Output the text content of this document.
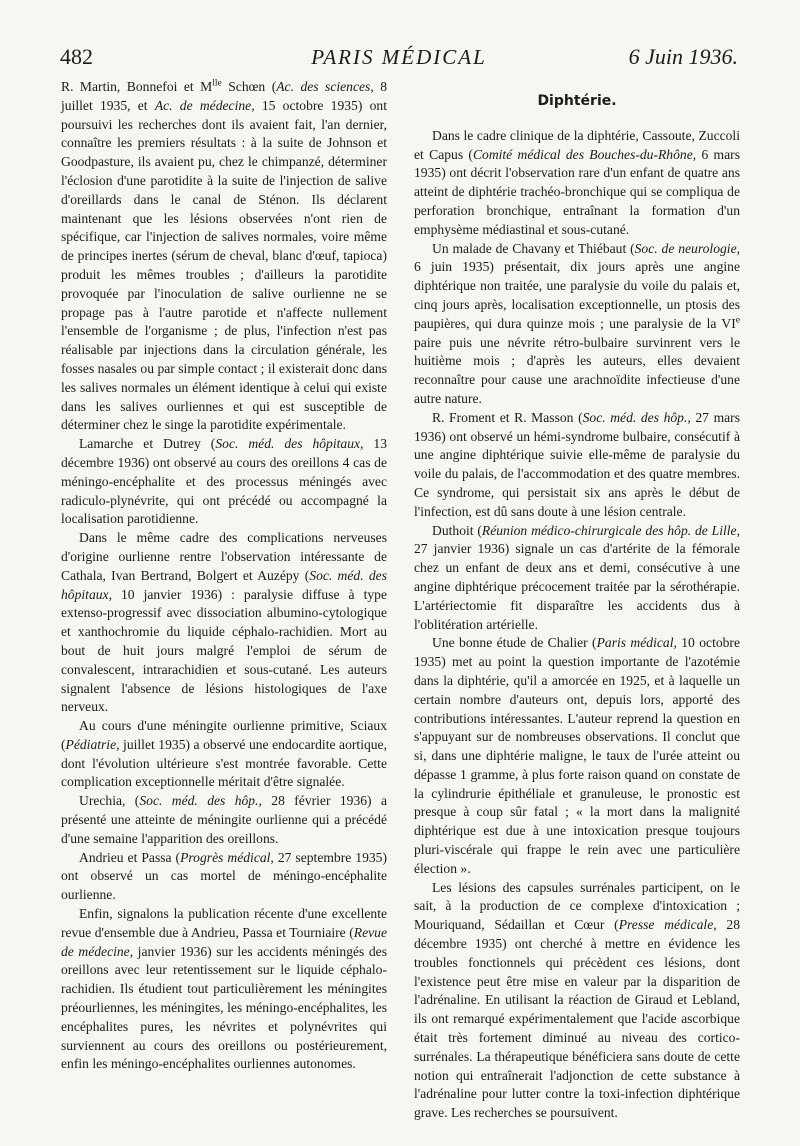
482	PARIS MÉDICAL	6 Juin 1936.

R. Martin, Bonnefoi et $M^{lle}$ Schœn (Ac. des sciences, 8 juillet 1935, et Ac. de médecine, 15 octobre 1935) ont poursuivi les recherches dont ils avaient fait, l'an dernier, connaître les premiers résultats : à la suite de Johnson et Goodpasture, ils avaient pu, chez le chimpanzé, déterminer l'éclosion d'une parotidite à la suite de l'injection de salive d'oreillards dans le canal de Sténon. Ils déclarent maintenant que les lésions observées n'ont rien de spécifique, car l'injection de salives normales, voire même de principes inertes (sérum de cheval, blanc d'œuf, tapioca) produit les mêmes troubles ; d'ailleurs la parotidite provoquée par l'inoculation de salive ourlienne ne se propage pas à l'autre parotide et n'affecte nullement l'ensemble de l'organisme ; de plus, l'infection n'est pas réalisable par injections dans la circulation générale, les fosses nasales ou par simple contact ; il existerait donc dans les salives normales un élément identique à celui qui existe dans les salives ourliennes et qui est susceptible de déterminer chez le singe la parotidite expérimentale.

Lamarche et Dutrey (Soc. méd. des hôpitaux, 13 décembre 1936) ont observé au cours des oreillons 4 cas de méningo-encéphalite et des processus méningés avec radiculo-plynévrite, qui ont précédé ou accompagné la localisation parotidienne.

Dans le même cadre des complications nerveuses d'origine ourlienne rentre l'observation intéressante de Cathala, Ivan Bertrand, Bolgert et Auzépy (Soc. méd. des hôpitaux, 10 janvier 1936) : paralysie diffuse à type extenso-progressif avec dissociation albumino-cytologique et xanthochromie du liquide céphalo-rachidien. Mort au bout de huit jours malgré l'emploi de sérum de convalescent, intrarachidien et sous-cutané. Les auteurs signalent l'absence de lésions histologiques de l'axe nerveux.

Au cours d'une méningite ourlienne primitive, Sciaux (Pédiatrie, juillet 1935) a observé une endocardite aortique, dont l'évolution ultérieure s'est montrée favorable. Cette complication exceptionnelle méritait d'être signalée.

Urechia, (Soc. méd. des hôp., 28 février 1936) a présenté une atteinte de méningite ourlienne qui a précédé d'une semaine l'apparition des oreillons.

Andrieu et Passa (Progrès médical, 27 septembre 1935) ont observé un cas mortel de méningo-encéphalite ourlienne.

Enfin, signalons la publication récente d'une excellente revue d'ensemble due à Andrieu, Passa et Tourniaire (Revue de médecine, janvier 1936) sur les accidents méningés des oreillons avec leur retentissement sur le liquide céphalo-rachidien. Ils étudient tout particulièrement les méningites préourliennes, les méningites, les méningo-encéphalites, les encéphalites pures, les névrites et polynévrites qui surviennent au cours des oreillons ou postérieurement, enfin les méningo-encéphalites ourliennes autonomes.

Diphtérie.

Dans le cadre clinique de la diphtérie, Cassoute, Zuccoli et Capus (Comité médical des Bouches-du-Rhône, 6 mars 1935) ont décrit l'observation rare d'un enfant de quatre ans atteint de diphtérie trachéo-bronchique qui se compliqua de perforation bronchique, entraînant la formation d'un emphysème médiastinal et sous-cutané.

Un malade de Chavany et Thiébaut (Soc. de neurologie, 6 juin 1935) présentait, dix jours après une angine diphtérique non traitée, une paralysie du voile du palais et, cinq jours après, localisation exceptionnelle, un ptosis des paupières, qui dura quinze mois ; une paralysie de la VIe paire puis une névrite rétro-bulbaire survinrent vers le huitième mois ; d'après les auteurs, elles devaient reconnaître pour cause une arachnoïdite infectieuse d'une autre nature.

R. Froment et R. Masson (Soc. méd. des hôp., 27 mars 1936) ont observé un hémi-syndrome bulbaire, consécutif à une angine diphtérique suivie elle-même de paralysie du voile du palais, de l'accommodation et des quatre membres. Ce syndrome, qui persistait six ans après le début de l'infection, est dû sans doute à une lésion centrale.

Duthoit (Réunion médico-chirurgicale des hôp. de Lille, 27 janvier 1936) signale un cas d'artérite de la fémorale chez un enfant de deux ans et demi, consécutive à une angine diphtérique précocement traitée par la sérothérapie. L'artériectomie fit disparaître les accidents dus à l'oblitération artérielle.

Une bonne étude de Chalier (Paris médical, 10 octobre 1935) met au point la question importante de l'azotémie dans la diphtérie, qu'il a amorcée en 1925, et à laquelle un certain nombre d'auteurs ont, depuis lors, apporté des contributions intéressantes. L'auteur reprend la question en s'appuyant sur de nombreuses observations. Il conclut que si, dans une diphtérie maligne, le taux de l'urée atteint ou dépasse 1 gramme, à plus forte raison quand on constate de la cylindrurie épithéliale et granuleuse, le pronostic est presque à coup sûr fatal ; « la mort dans la malignité diphtérique est due à une intoxication presque toujours pluri-viscérale qui frappe le rein avec une particulière élection ».

Les lésions des capsules surrénales participent, on le sait, à la production de ce complexe d'intoxication ; Mouriquand, Sédaillan et Cœur (Presse médicale, 28 décembre 1935) ont cherché à mettre en évidence les troubles fonctionnels qui précèdent ces lésions, dont l'existence peut être mise en valeur par la disparition de l'adrénaline. En utilisant la réaction de Giraud et Lebland, ils ont remarqué expérimentalement que l'acide ascorbique était très fortement diminué au niveau des cortico-surrénales. La thérapeutique bénéficiera sans doute de cette notion qui entraînerait l'adjonction de cette substance à l'adrénaline pour lutter contre la toxi-infection diphtérique grave. Les recherches se poursuivent.
